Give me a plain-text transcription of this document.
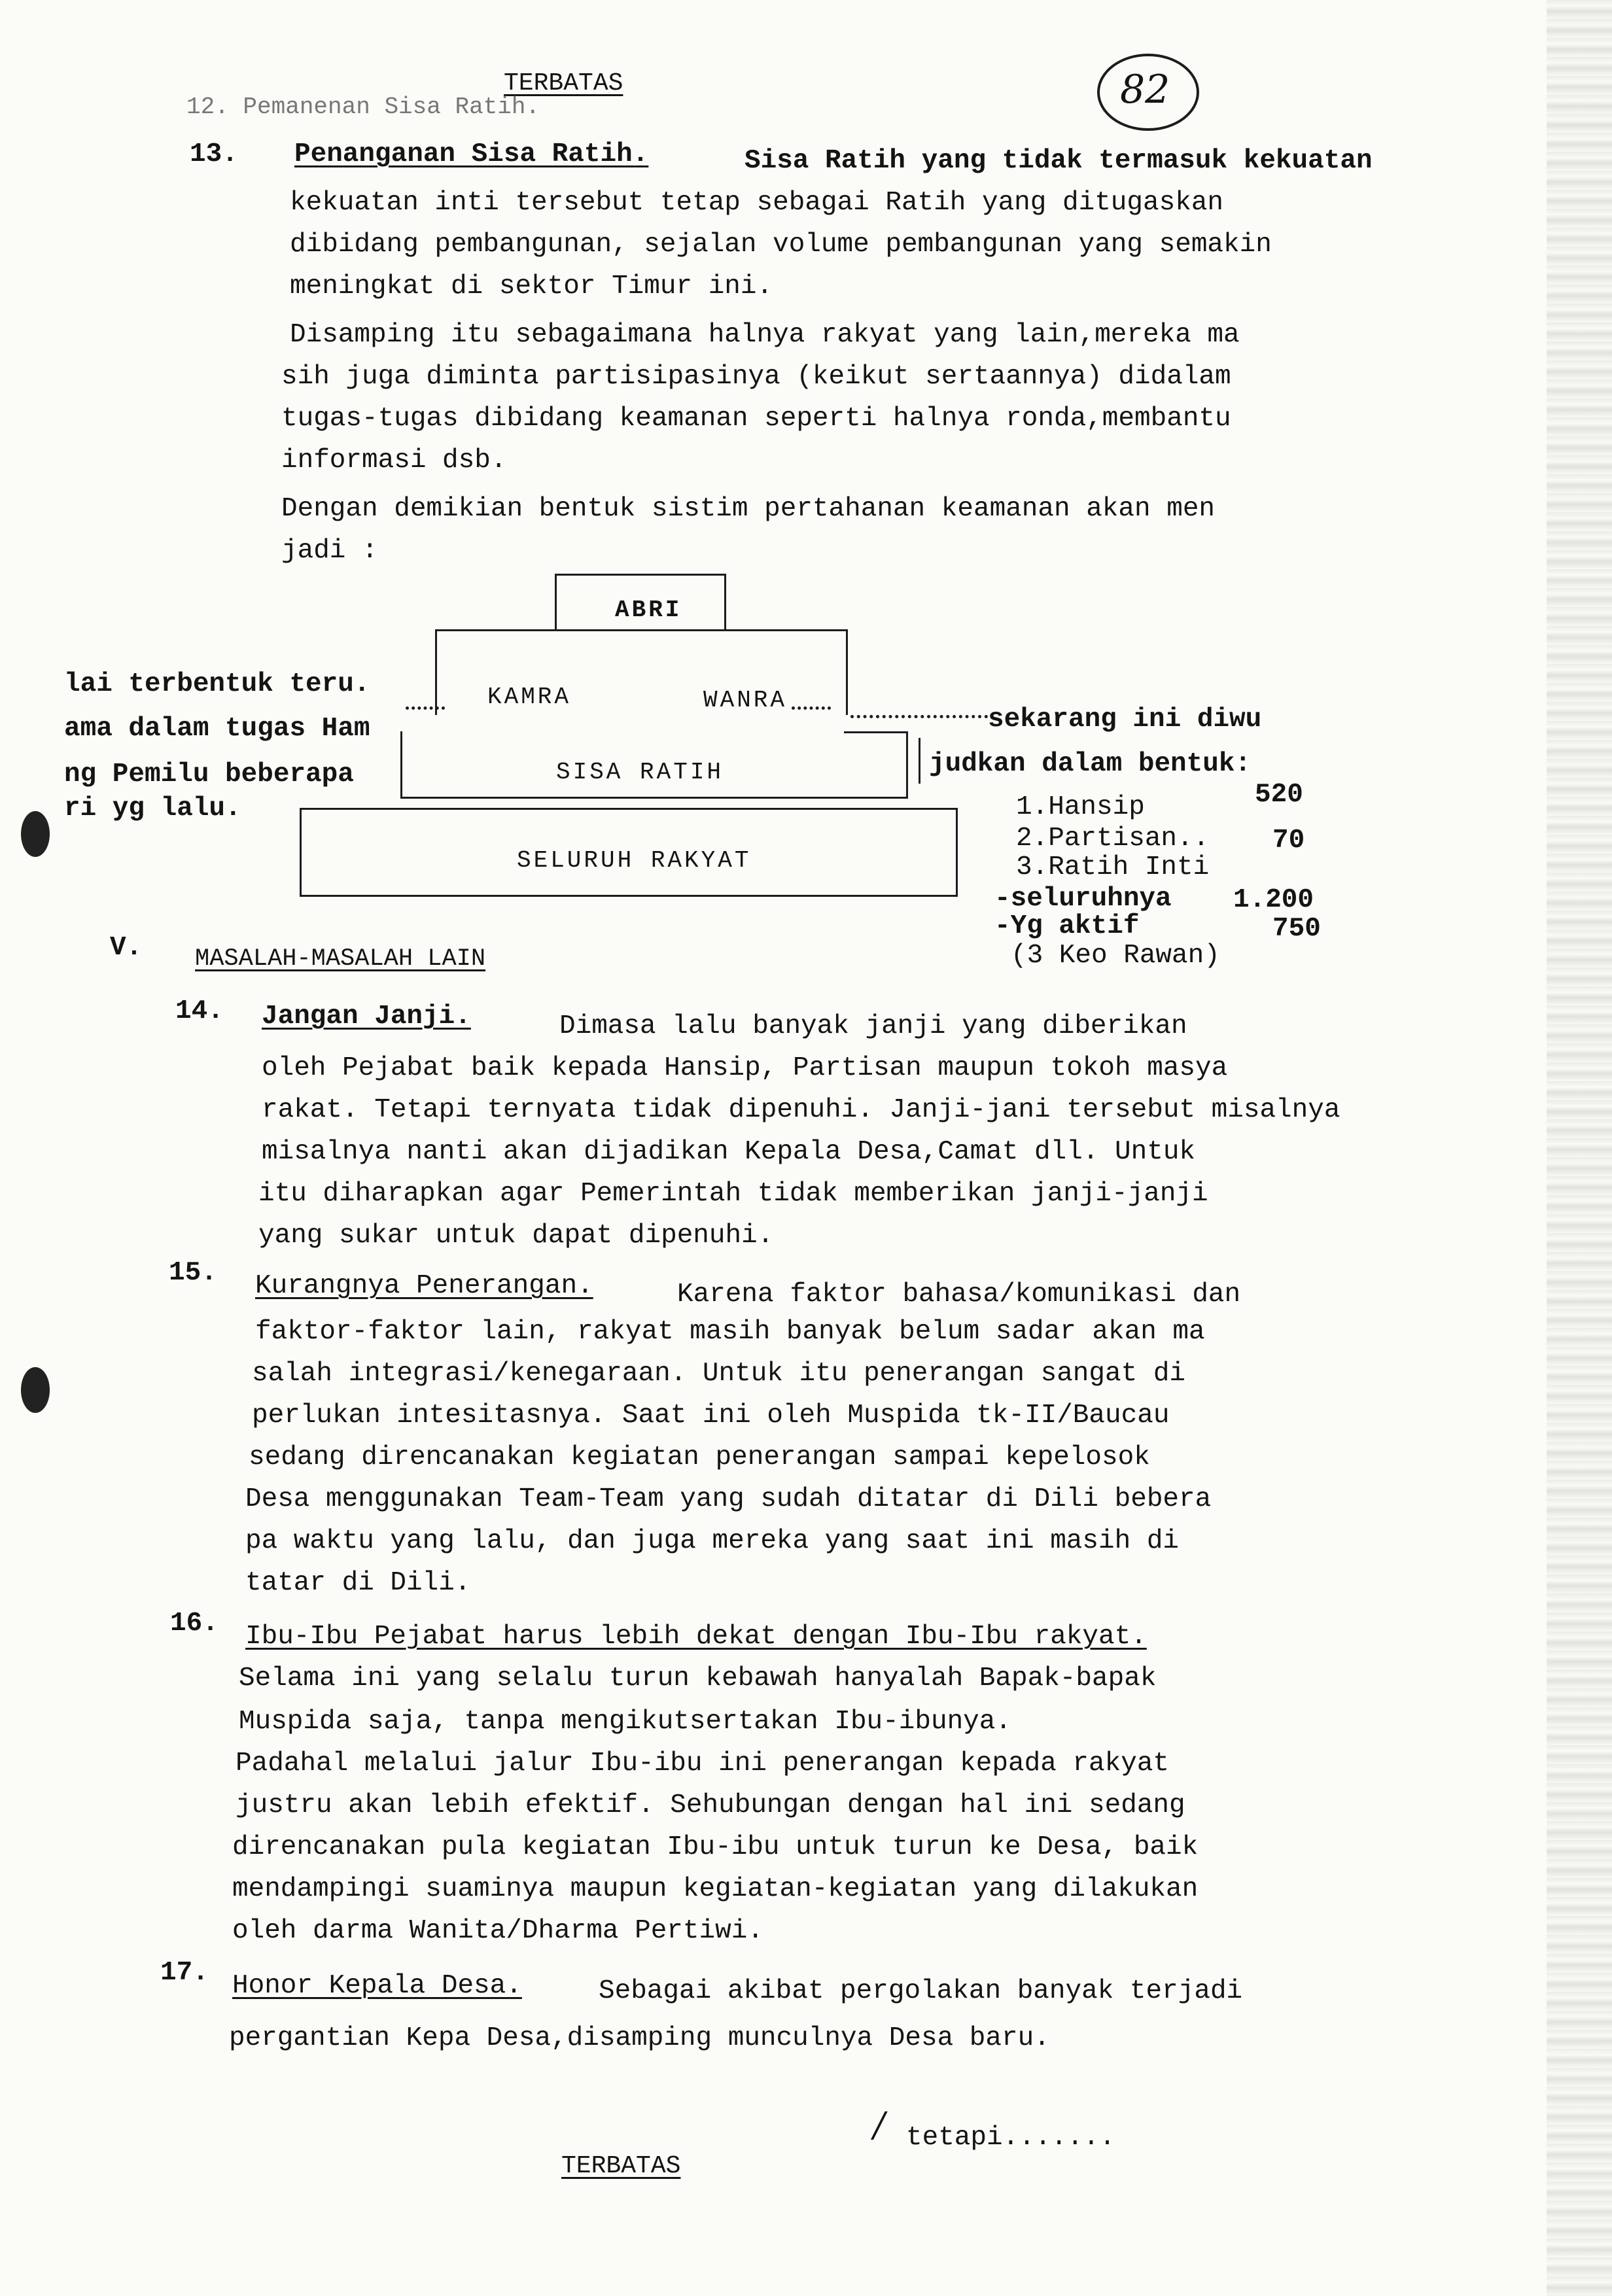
TERBATAS	82
12. Pemanenan Sisa Ratih.
13. Penanganan Sisa Ratih.	Sisa Ratih yang tidak termasuk kekuatan
kekuatan inti tersebut tetap sebagai Ratih yang ditugaskan
dibidang pembangunan, sejalan volume pembangunan yang semakin
meningkat di sektor Timur ini.
Disamping itu sebagaimana halnya rakyat yang lain,mereka ma
sih juga diminta partisipasinya (keikut sertaannya) didalam
tugas-tugas dibidang keamanan seperti halnya ronda,membantu
informasi dsb.
Dengan demikian bentuk sistim pertahanan keamanan akan men
jadi :
ABRI
KAMRA	WANRA
SISA RATIH
SELURUH RAKYAT
lai terbentuk teru.
ama dalam tugas Ham
ng Pemilu beberapa
ri yg lalu.
sekarang ini diwu
judkan dalam bentuk:
1.Hansip	520
2.Partisan.. 70
3.Ratih Inti
-seluruhnya 1.200
-Yg aktif	750
(3 Keo Rawan)
V. MASALAH-MASALAH LAIN
14. Jangan Janji.	Dimasa lalu banyak janji yang diberikan
oleh Pejabat baik kepada Hansip, Partisan maupun tokoh masya
rakat. Tetapi ternyata tidak dipenuhi. Janji-jani tersebut misalnya
misalnya nanti akan dijadikan Kepala Desa,Camat dll. Untuk
itu diharapkan agar Pemerintah tidak memberikan janji-janji
yang sukar untuk dapat dipenuhi.
15. Kurangnya Penerangan.	Karena faktor bahasa/komunikasi dan
faktor-faktor lain, rakyat masih banyak belum sadar akan ma
salah integrasi/kenegaraan. Untuk itu penerangan sangat di
perlukan intesitasnya. Saat ini oleh Muspida tk-II/Baucau
sedang direncanakan kegiatan penerangan sampai kepelosok
Desa menggunakan Team-Team yang sudah ditatar di Dili bebera
pa waktu yang lalu, dan juga mereka yang saat ini masih di
tatar di Dili.
16. Ibu-Ibu Pejabat harus lebih dekat dengan Ibu-Ibu rakyat.
Selama ini yang selalu turun kebawah hanyalah Bapak-bapak
Muspida saja, tanpa mengikutsertakan Ibu-ibunya.
Padahal melalui jalur Ibu-ibu ini penerangan kepada rakyat
justru akan lebih efektif. Sehubungan dengan hal ini sedang
direncanakan pula kegiatan Ibu-ibu untuk turun ke Desa, baik
mendampingi suaminya maupun kegiatan-kegiatan yang dilakukan
oleh darma Wanita/Dharma Pertiwi.
17. Honor Kepala Desa.	Sebagai akibat pergolakan banyak terjadi
pergantian Kepa Desa,disamping munculnya Desa baru.
/ tetapi.......
TERBATAS
